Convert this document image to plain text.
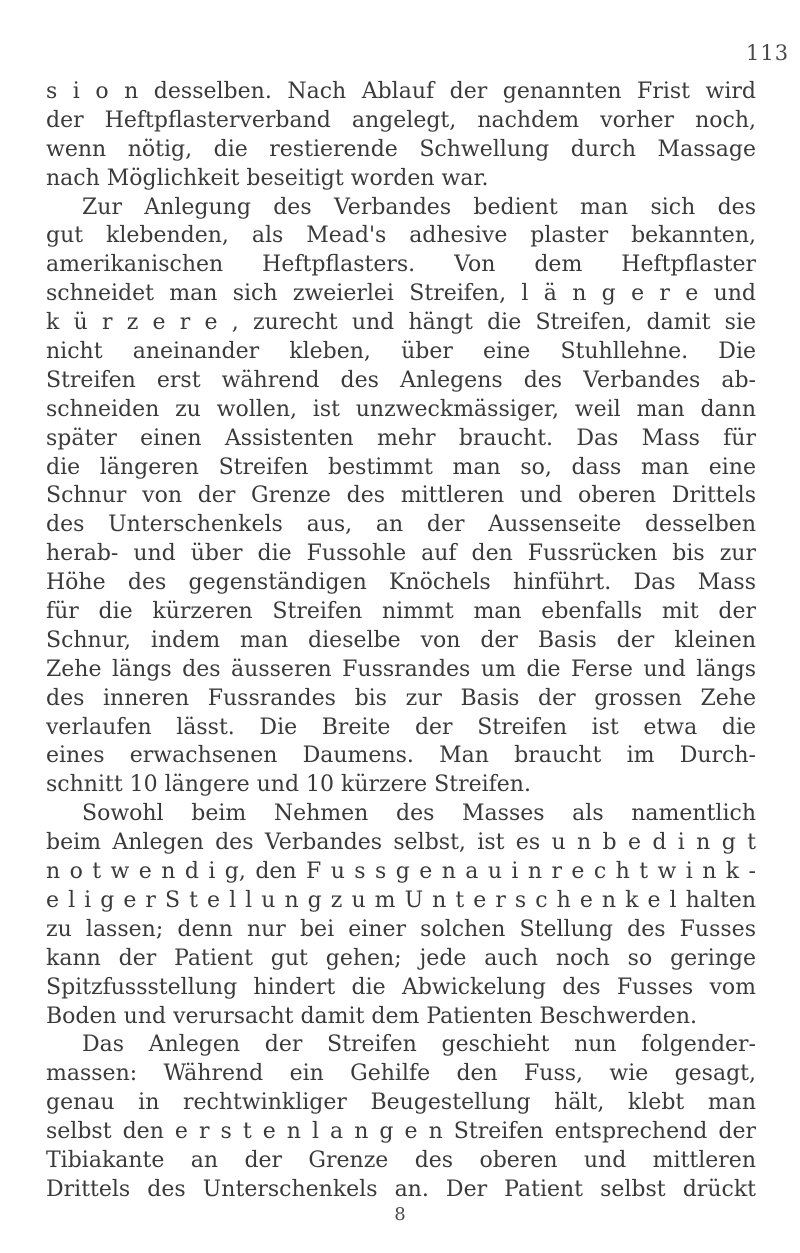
113
s i o n desselben. Nach Ablauf der genannten Frist wird
der Heftpflasterverband angelegt, nachdem vorher noch,
wenn nötig, die restierende Schwellung durch Massage
nach Möglichkeit beseitigt worden war.
Zur Anlegung des Verbandes bedient man sich des
gut klebenden, als Mead's adhesive plaster bekannten,
amerikanischen Heftpflasters. Von dem Heftpflaster
schneidet man sich zweierlei Streifen, l ä n g e r e und
k ü r z e r e , zurecht und hängt die Streifen, damit sie
nicht aneinander kleben, über eine Stuhllehne. Die
Streifen erst während des Anlegens des Verbandes ab-
schneiden zu wollen, ist unzweckmässiger, weil man dann
später einen Assistenten mehr braucht. Das Mass für
die längeren Streifen bestimmt man so, dass man eine
Schnur von der Grenze des mittleren und oberen Drittels
des Unterschenkels aus, an der Aussenseite desselben
herab- und über die Fussohle auf den Fussrücken bis zur
Höhe des gegenständigen Knöchels hinführt. Das Mass
für die kürzeren Streifen nimmt man ebenfalls mit der
Schnur, indem man dieselbe von der Basis der kleinen
Zehe längs des äusseren Fussrandes um die Ferse und längs
des inneren Fussrandes bis zur Basis der grossen Zehe
verlaufen lässt. Die Breite der Streifen ist etwa die
eines erwachsenen Daumens. Man braucht im Durch-
schnitt 10 längere und 10 kürzere Streifen.
Sowohl beim Nehmen des Masses als namentlich
beim Anlegen des Verbandes selbst, ist es u n b e d i n g t
n o t w e n d i g, den F u s s g e n a u i n r e c h t w i n k -
e l i g e r S t e l l u n g z u m U n t e r s c h e n k e l halten
zu lassen; denn nur bei einer solchen Stellung des Fusses
kann der Patient gut gehen; jede auch noch so geringe
Spitzfussstellung hindert die Abwickelung des Fusses vom
Boden und verursacht damit dem Patienten Beschwerden.
Das Anlegen der Streifen geschieht nun folgender-
massen: Während ein Gehilfe den Fuss, wie gesagt,
genau in rechtwinkliger Beugestellung hält, klebt man
selbst den e r s t e n l a n g e n Streifen entsprechend der
Tibiakante an der Grenze des oberen und mittleren
Drittels des Unterschenkels an. Der Patient selbst drückt
8
